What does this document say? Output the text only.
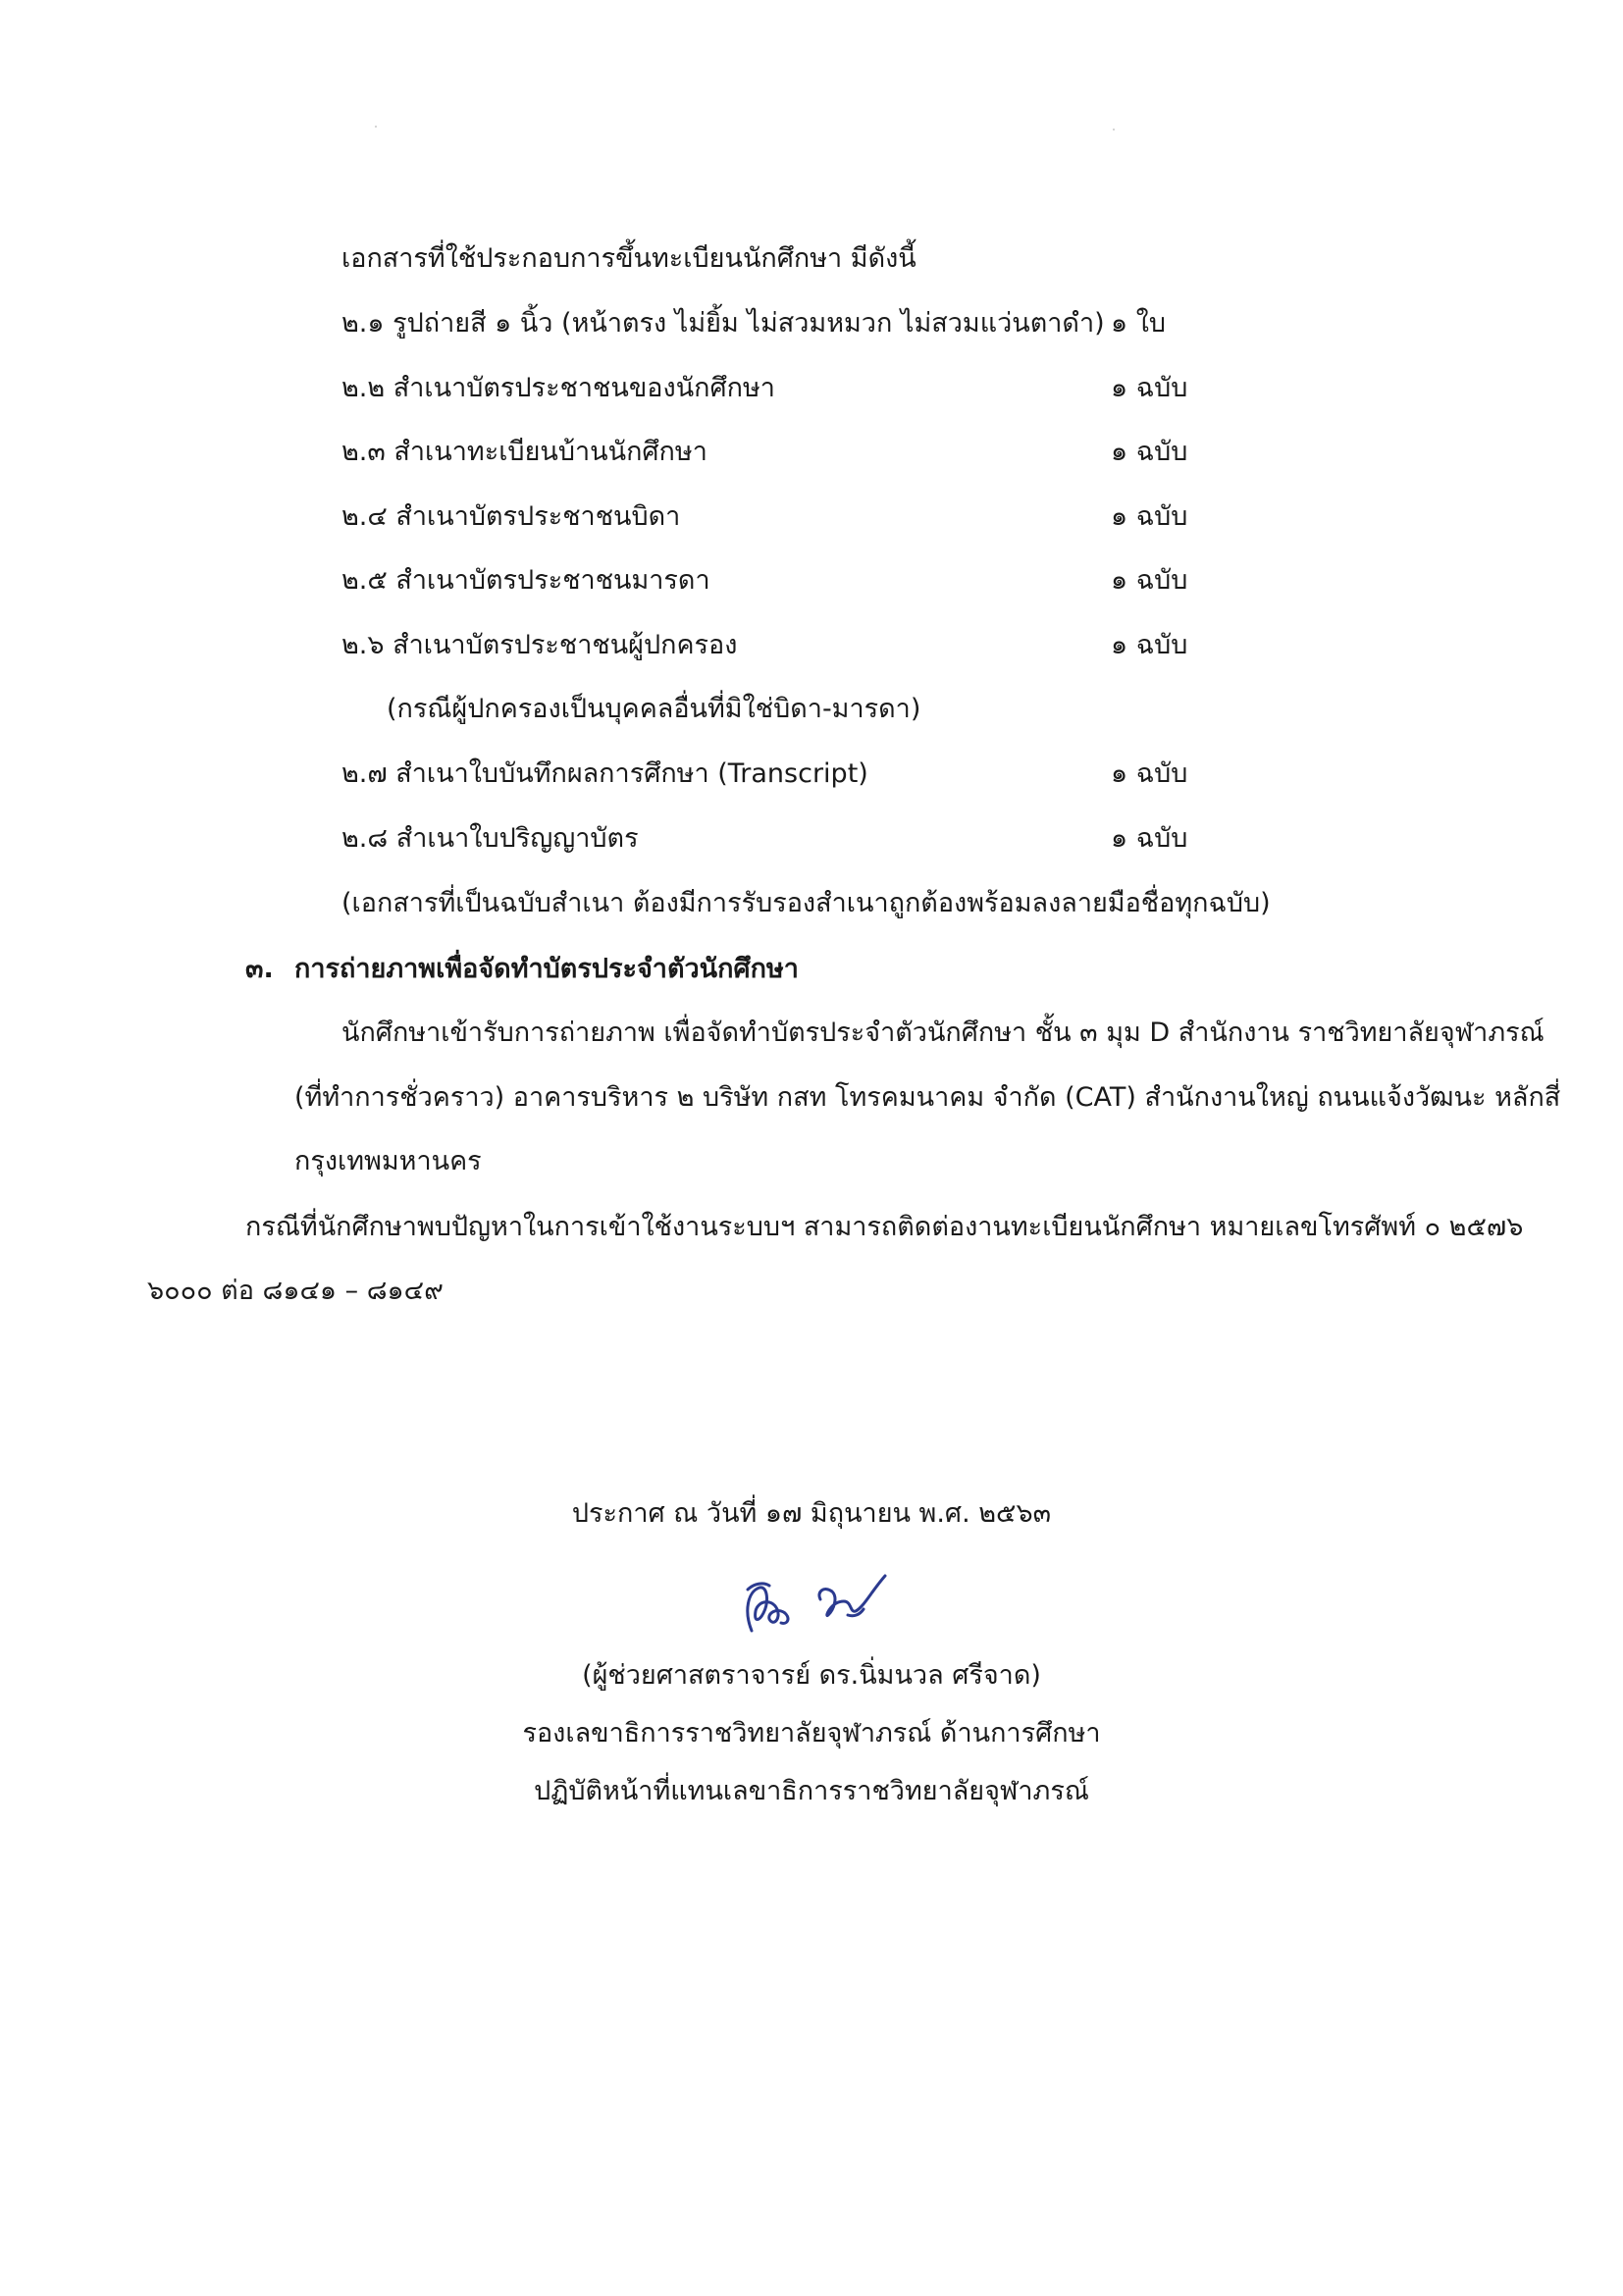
เอกสารที่ใช้ประกอบการขึ้นทะเบียนนักศึกษา มีดังนี้
๒.๑ รูปถ่ายสี ๑ นิ้ว (หน้าตรง ไม่ยิ้ม ไม่สวมหมวก ไม่สวมแว่นตาดำ) ๑ ใบ
๒.๒ สำเนาบัตรประชาชนของนักศึกษา	๑ ฉบับ
๒.๓ สำเนาทะเบียนบ้านนักศึกษา	๑ ฉบับ
๒.๔ สำเนาบัตรประชาชนบิดา	๑ ฉบับ
๒.๕ สำเนาบัตรประชาชนมารดา	๑ ฉบับ
๒.๖ สำเนาบัตรประชาชนผู้ปกครอง	๑ ฉบับ
(กรณีผู้ปกครองเป็นบุคคลอื่นที่มิใช่บิดา-มารดา)
๒.๗ สำเนาใบบันทึกผลการศึกษา (Transcript)	๑ ฉบับ
๒.๘ สำเนาใบปริญญาบัตร	๑ ฉบับ
(เอกสารที่เป็นฉบับสำเนา ต้องมีการรับรองสำเนาถูกต้องพร้อมลงลายมือชื่อทุกฉบับ)
๓. การถ่ายภาพเพื่อจัดทำบัตรประจำตัวนักศึกษา
นักศึกษาเข้ารับการถ่ายภาพ เพื่อจัดทำบัตรประจำตัวนักศึกษา ชั้น ๓ มุม D สำนักงาน ราชวิทยาลัยจุฬาภรณ์
(ที่ทำการชั่วคราว) อาคารบริหาร ๒ บริษัท กสท โทรคมนาคม จำกัด (CAT) สำนักงานใหญ่ ถนนแจ้งวัฒนะ หลักสี่
กรุงเทพมหานคร
กรณีที่นักศึกษาพบปัญหาในการเข้าใช้งานระบบฯ สามารถติดต่องานทะเบียนนักศึกษา หมายเลขโทรศัพท์ ๐ ๒๕๗๖
๖๐๐๐ ต่อ ๘๑๔๑ – ๘๑๔๙
ประกาศ ณ วันที่ ๑๗ มิถุนายน พ.ศ. ๒๕๖๓
(ผู้ช่วยศาสตราจารย์ ดร.นิ่มนวล ศรีจาด)
รองเลขาธิการราชวิทยาลัยจุฬาภรณ์ ด้านการศึกษา
ปฏิบัติหน้าที่แทนเลขาธิการราชวิทยาลัยจุฬาภรณ์
